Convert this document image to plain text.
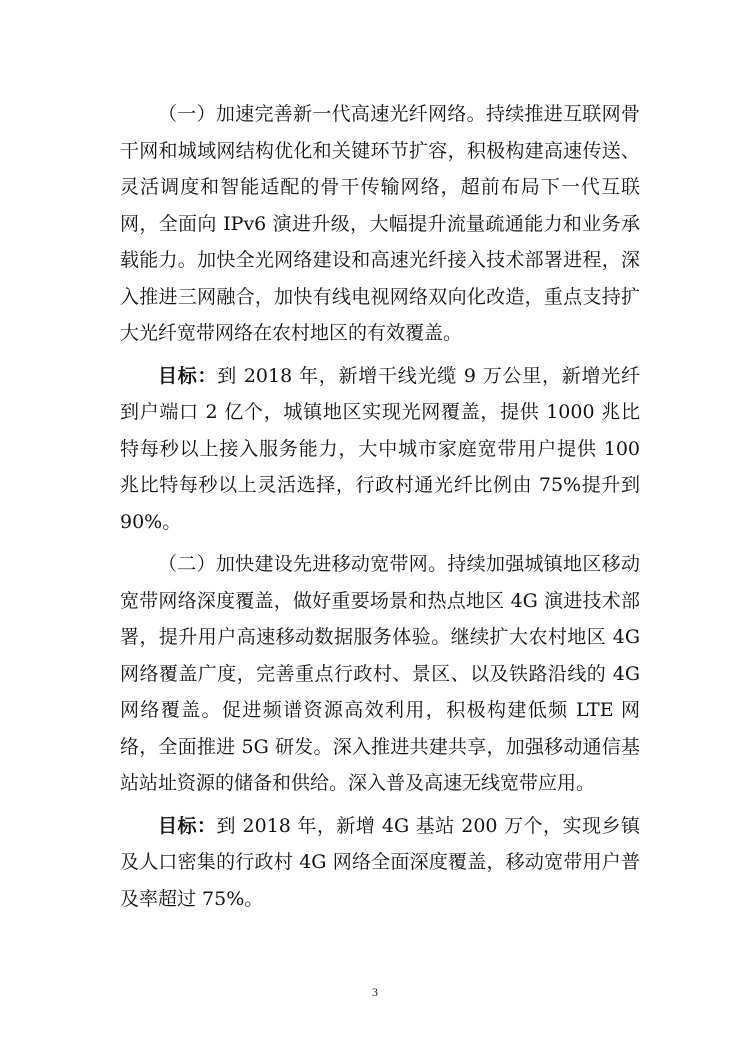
（一）加速完善新一代高速光纤网络。持续推进互联网骨干网和城域网结构优化和关键环节扩容，积极构建高速传送、灵活调度和智能适配的骨干传输网络，超前布局下一代互联网，全面向 IPv6 演进升级，大幅提升流量疏通能力和业务承载能力。加快全光网络建设和高速光纤接入技术部署进程，深入推进三网融合，加快有线电视网络双向化改造，重点支持扩大光纤宽带网络在农村地区的有效覆盖。

目标：到 2018 年，新增干线光缆 9 万公里，新增光纤到户端口 2 亿个，城镇地区实现光网覆盖，提供 1000 兆比特每秒以上接入服务能力，大中城市家庭宽带用户提供 100 兆比特每秒以上灵活选择，行政村通光纤比例由 75%提升到 90%。

（二）加快建设先进移动宽带网。持续加强城镇地区移动宽带网络深度覆盖，做好重要场景和热点地区 4G 演进技术部署，提升用户高速移动数据服务体验。继续扩大农村地区 4G 网络覆盖广度，完善重点行政村、景区、以及铁路沿线的 4G 网络覆盖。促进频谱资源高效利用，积极构建低频 LTE 网络，全面推进 5G 研发。深入推进共建共享，加强移动通信基站站址资源的储备和供给。深入普及高速无线宽带应用。

目标：到 2018 年，新增 4G 基站 200 万个，实现乡镇及人口密集的行政村 4G 网络全面深度覆盖，移动宽带用户普及率超过 75%。

3
